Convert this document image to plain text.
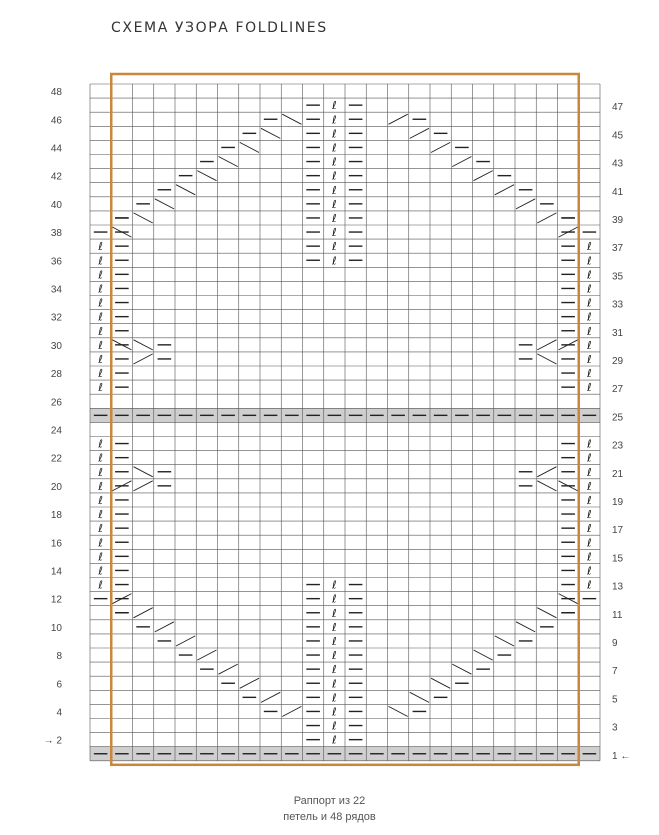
СХЕМА УЗОРА FOLDLINES
ℓ
ℓ
ℓ
ℓ
ℓ
ℓ
ℓ
ℓ
ℓ
ℓ
ℓ
ℓ
ℓ
ℓ
ℓ
ℓ
ℓ
ℓ
ℓ
ℓ
ℓ
ℓ
ℓ
ℓ
ℓ	ℓ
ℓ	ℓ
ℓ	ℓ
ℓ	ℓ
ℓ	ℓ
ℓ	ℓ
ℓ	ℓ
ℓ	ℓ
ℓ	ℓ
ℓ	ℓ
ℓ	ℓ
ℓ	ℓ
ℓ	ℓ
ℓ	ℓ
ℓ	ℓ
ℓ	ℓ
ℓ	ℓ
ℓ	ℓ
ℓ	ℓ
ℓ	ℓ
ℓ	ℓ
ℓ	ℓ
48
46
44
42
40
38
36
34
32
30
28
26
24
22
20
18
16
14
12
10
8
6
4
→ 2
47
45
43
41
39
37
35
33
31
29
27
25
23
21
19
17
15
13
11
9
7
5
3
1 ←
Раппорт из 22
петель и 48 рядов
